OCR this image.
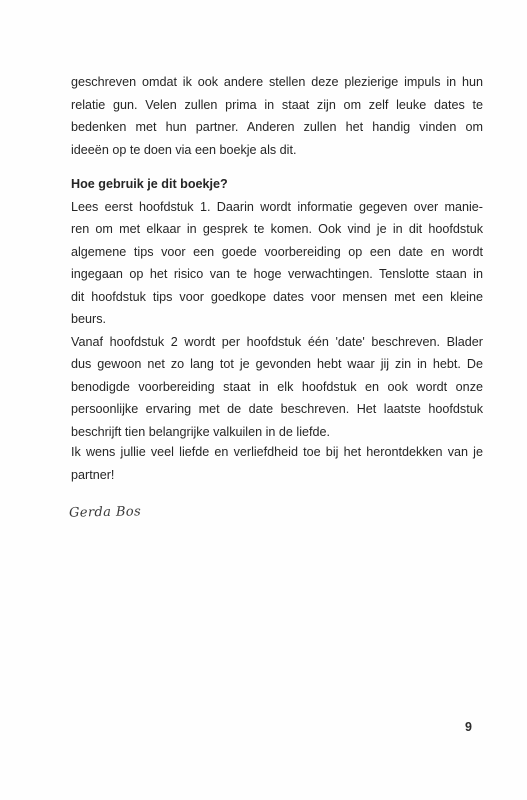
geschreven omdat ik ook andere stellen deze plezierige impuls in hun
relatie gun. Velen zullen prima in staat zijn om zelf leuke dates te
bedenken met hun partner. Anderen zullen het handig vinden om
ideeën op te doen via een boekje als dit.
Hoe gebruik je dit boekje?
Lees eerst hoofdstuk 1. Daarin wordt informatie gegeven over manie-
ren om met elkaar in gesprek te komen. Ook vind je in dit hoofdstuk
algemene tips voor een goede voorbereiding op een date en wordt
ingegaan op het risico van te hoge verwachtingen. Tenslotte staan in
dit hoofdstuk tips voor goedkope dates voor mensen met een kleine
beurs.
Vanaf hoofdstuk 2 wordt per hoofdstuk één 'date' beschreven. Blader
dus gewoon net zo lang tot je gevonden hebt waar jij zin in hebt. De
benodigde voorbereiding staat in elk hoofdstuk en ook wordt onze
persoonlijke ervaring met de date beschreven. Het laatste hoofdstuk
beschrijft tien belangrijke valkuilen in de liefde.
Ik wens jullie veel liefde en verliefdheid toe bij het herontdekken van je
partner!
Gerda Bos
9
